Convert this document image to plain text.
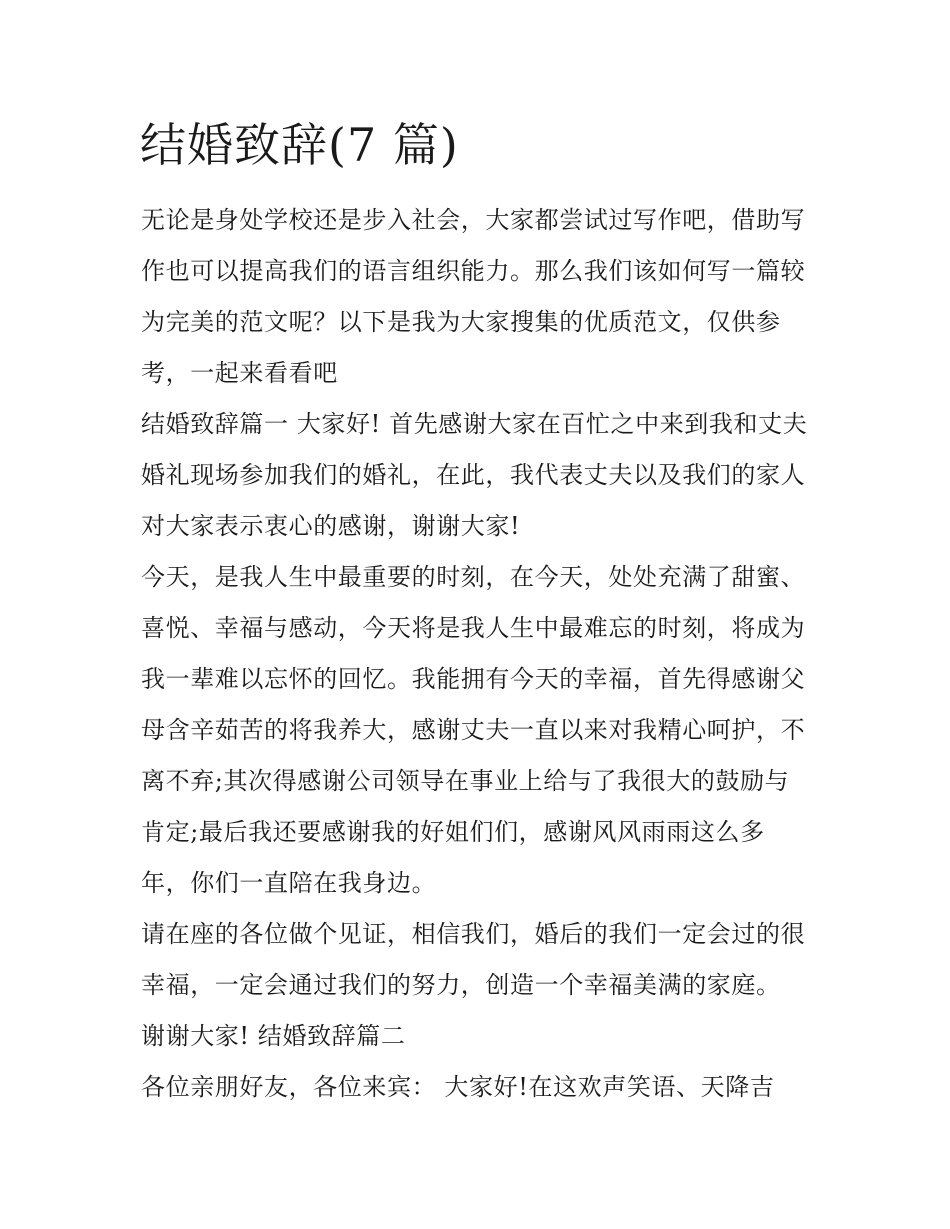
结婚致辞(7 篇)
无论是身处学校还是步入社会，大家都尝试过写作吧，借助写
作也可以提高我们的语言组织能力。那么我们该如何写一篇较
为完美的范文呢？以下是我为大家搜集的优质范文，仅供参
考，一起来看看吧
结婚致辞篇一 大家好! 首先感谢大家在百忙之中来到我和丈夫
婚礼现场参加我们的婚礼，在此，我代表丈夫以及我们的家人
对大家表示衷心的感谢，谢谢大家!
今天，是我人生中最重要的时刻，在今天，处处充满了甜蜜、
喜悦、幸福与感动，今天将是我人生中最难忘的时刻，将成为
我一辈难以忘怀的回忆。我能拥有今天的幸福，首先得感谢父
母含辛茹苦的将我养大，感谢丈夫一直以来对我精心呵护，不
离不弃;其次得感谢公司领导在事业上给与了我很大的鼓励与
肯定;最后我还要感谢我的好姐们们，感谢风风雨雨这么多
年，你们一直陪在我身边。
请在座的各位做个见证，相信我们，婚后的我们一定会过的很
幸福，一定会通过我们的努力，创造一个幸福美满的家庭。
谢谢大家! 结婚致辞篇二
各位亲朋好友，各位来宾： 大家好!在这欢声笑语、天降吉
